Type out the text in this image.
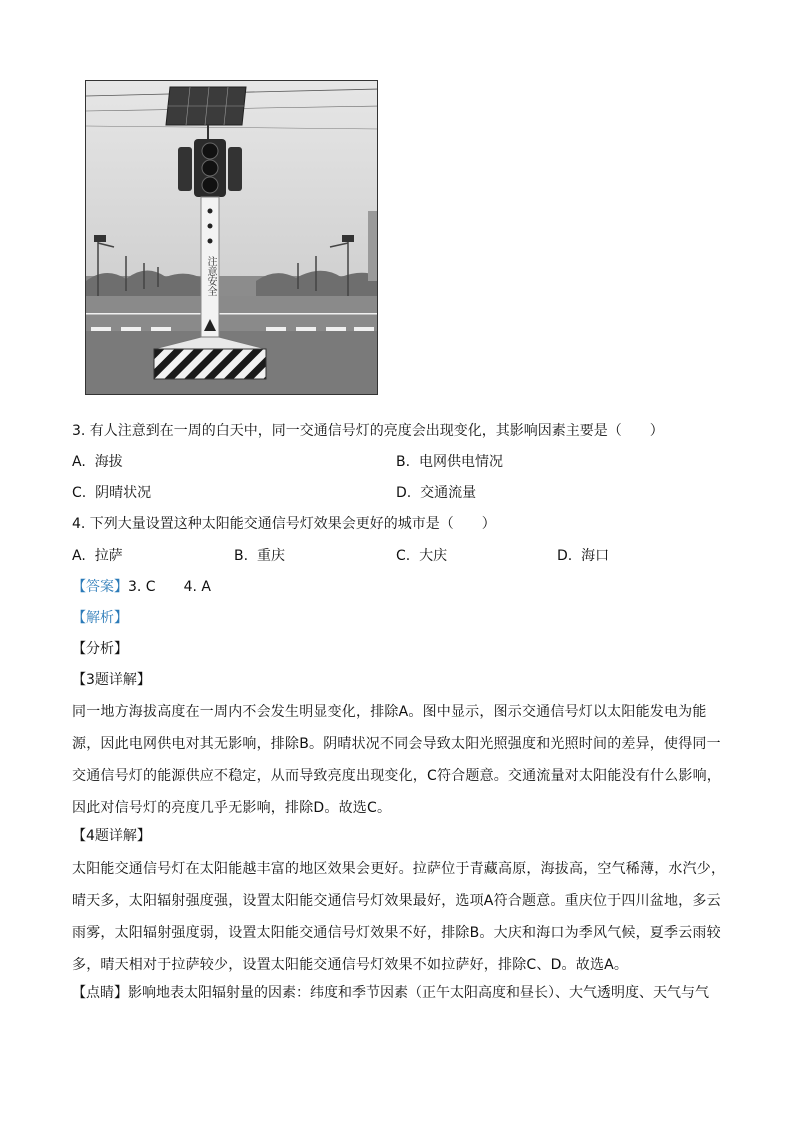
注意安全
3. 有人注意到在一周的白天中，同一交通信号灯的亮度会出现变化，其影响因素主要是（　　）
A. 海拔	B. 电网供电情况
C. 阴晴状况	D. 交通流量
4. 下列大量设置这种太阳能交通信号灯效果会更好的城市是（　　）
A. 拉萨	B. 重庆	C. 大庆	D. 海口
【答案】3. C　　4. A
【解析】
【分析】
【3题详解】
同一地方海拔高度在一周内不会发生明显变化，排除A。图中显示，图示交通信号灯以太阳能发电为能
源，因此电网供电对其无影响，排除B。阴晴状况不同会导致太阳光照强度和光照时间的差异，使得同一
交通信号灯的能源供应不稳定，从而导致亮度出现变化，C符合题意。交通流量对太阳能没有什么影响，
因此对信号灯的亮度几乎无影响，排除D。故选C。
【4题详解】
太阳能交通信号灯在太阳能越丰富的地区效果会更好。拉萨位于青藏高原，海拔高，空气稀薄，水汽少，
晴天多，太阳辐射强度强，设置太阳能交通信号灯效果最好，选项A符合题意。重庆位于四川盆地，多云
雨雾，太阳辐射强度弱，设置太阳能交通信号灯效果不好，排除B。大庆和海口为季风气候，夏季云雨较
多，晴天相对于拉萨较少，设置太阳能交通信号灯效果不如拉萨好，排除C、D。故选A。
【点睛】影响地表太阳辐射量的因素：纬度和季节因素（正午太阳高度和昼长）、大气透明度、天气与气
